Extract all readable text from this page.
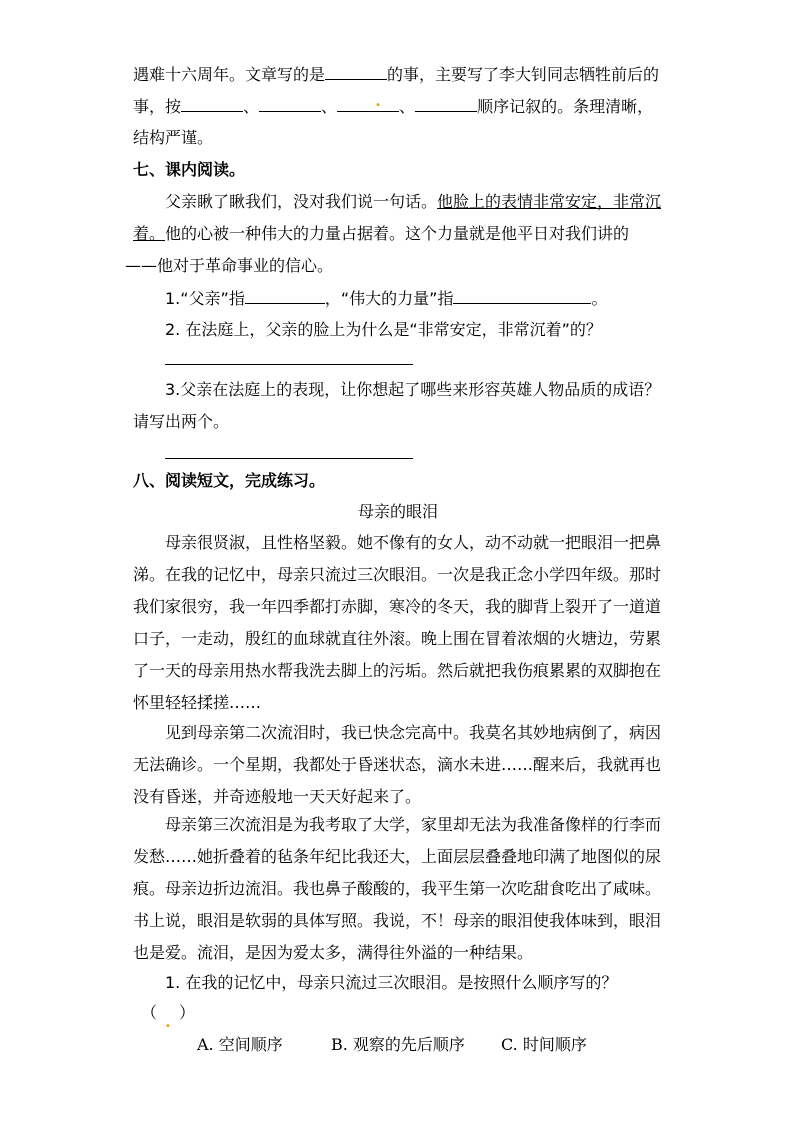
遇难十六周年。文章写的是	的事，主要写了李大钊同志牺牲前后的
事，按	、	、	• 、	顺序记叙的。条理清晰，
结构严谨。
七、课内阅读。
父亲瞅了瞅我们，没对我们说一句话。他脸上的表情非常安定，非常沉
着。他的心被一种伟大的力量占据着。这个力量就是他平日对我们讲的
——他对于革命事业的信心。
1.“父亲”指	，“伟大的力量”指	。
2. 在法庭上，父亲的脸上为什么是“非常安定，非常沉着”的？
3.父亲在法庭上的表现，让你想起了哪些来形容英雄人物品质的成语？
请写出两个。
八、阅读短文，完成练习。
母亲的眼泪
母亲很贤淑，且性格坚毅。她不像有的女人，动不动就一把眼泪一把鼻
涕。在我的记忆中，母亲只流过三次眼泪。一次是我正念小学四年级。那时
我们家很穷，我一年四季都打赤脚，寒冷的冬天，我的脚背上裂开了一道道
口子，一走动，殷红的血球就直往外滚。晚上围在冒着浓烟的火塘边，劳累
了一天的母亲用热水帮我洗去脚上的污垢。然后就把我伤痕累累的双脚抱在
怀里轻轻揉搓……
见到母亲第二次流泪时，我已快念完高中。我莫名其妙地病倒了，病因
无法确诊。一个星期，我都处于昏迷状态，滴水未进……醒来后，我就再也
没有昏迷，并奇迹般地一天天好起来了。
母亲第三次流泪是为我考取了大学，家里却无法为我准备像样的行李而
发愁……她折叠着的毡条年纪比我还大，上面层层叠叠地印满了地图似的尿
痕。母亲边折边流泪。我也鼻子酸酸的，我平生第一次吃甜食吃出了咸味。
书上说，眼泪是软弱的具体写照。我说，不！母亲的眼泪使我体味到，眼泪
也是爱。流泪，是因为爱太多，满得往外溢的一种结果。
1. 在我的记忆中，母亲只流过三次眼泪。是按照什么顺序写的？
（
•
）
A. 空间顺序	B. 观察的先后顺序 C. 时间顺序
